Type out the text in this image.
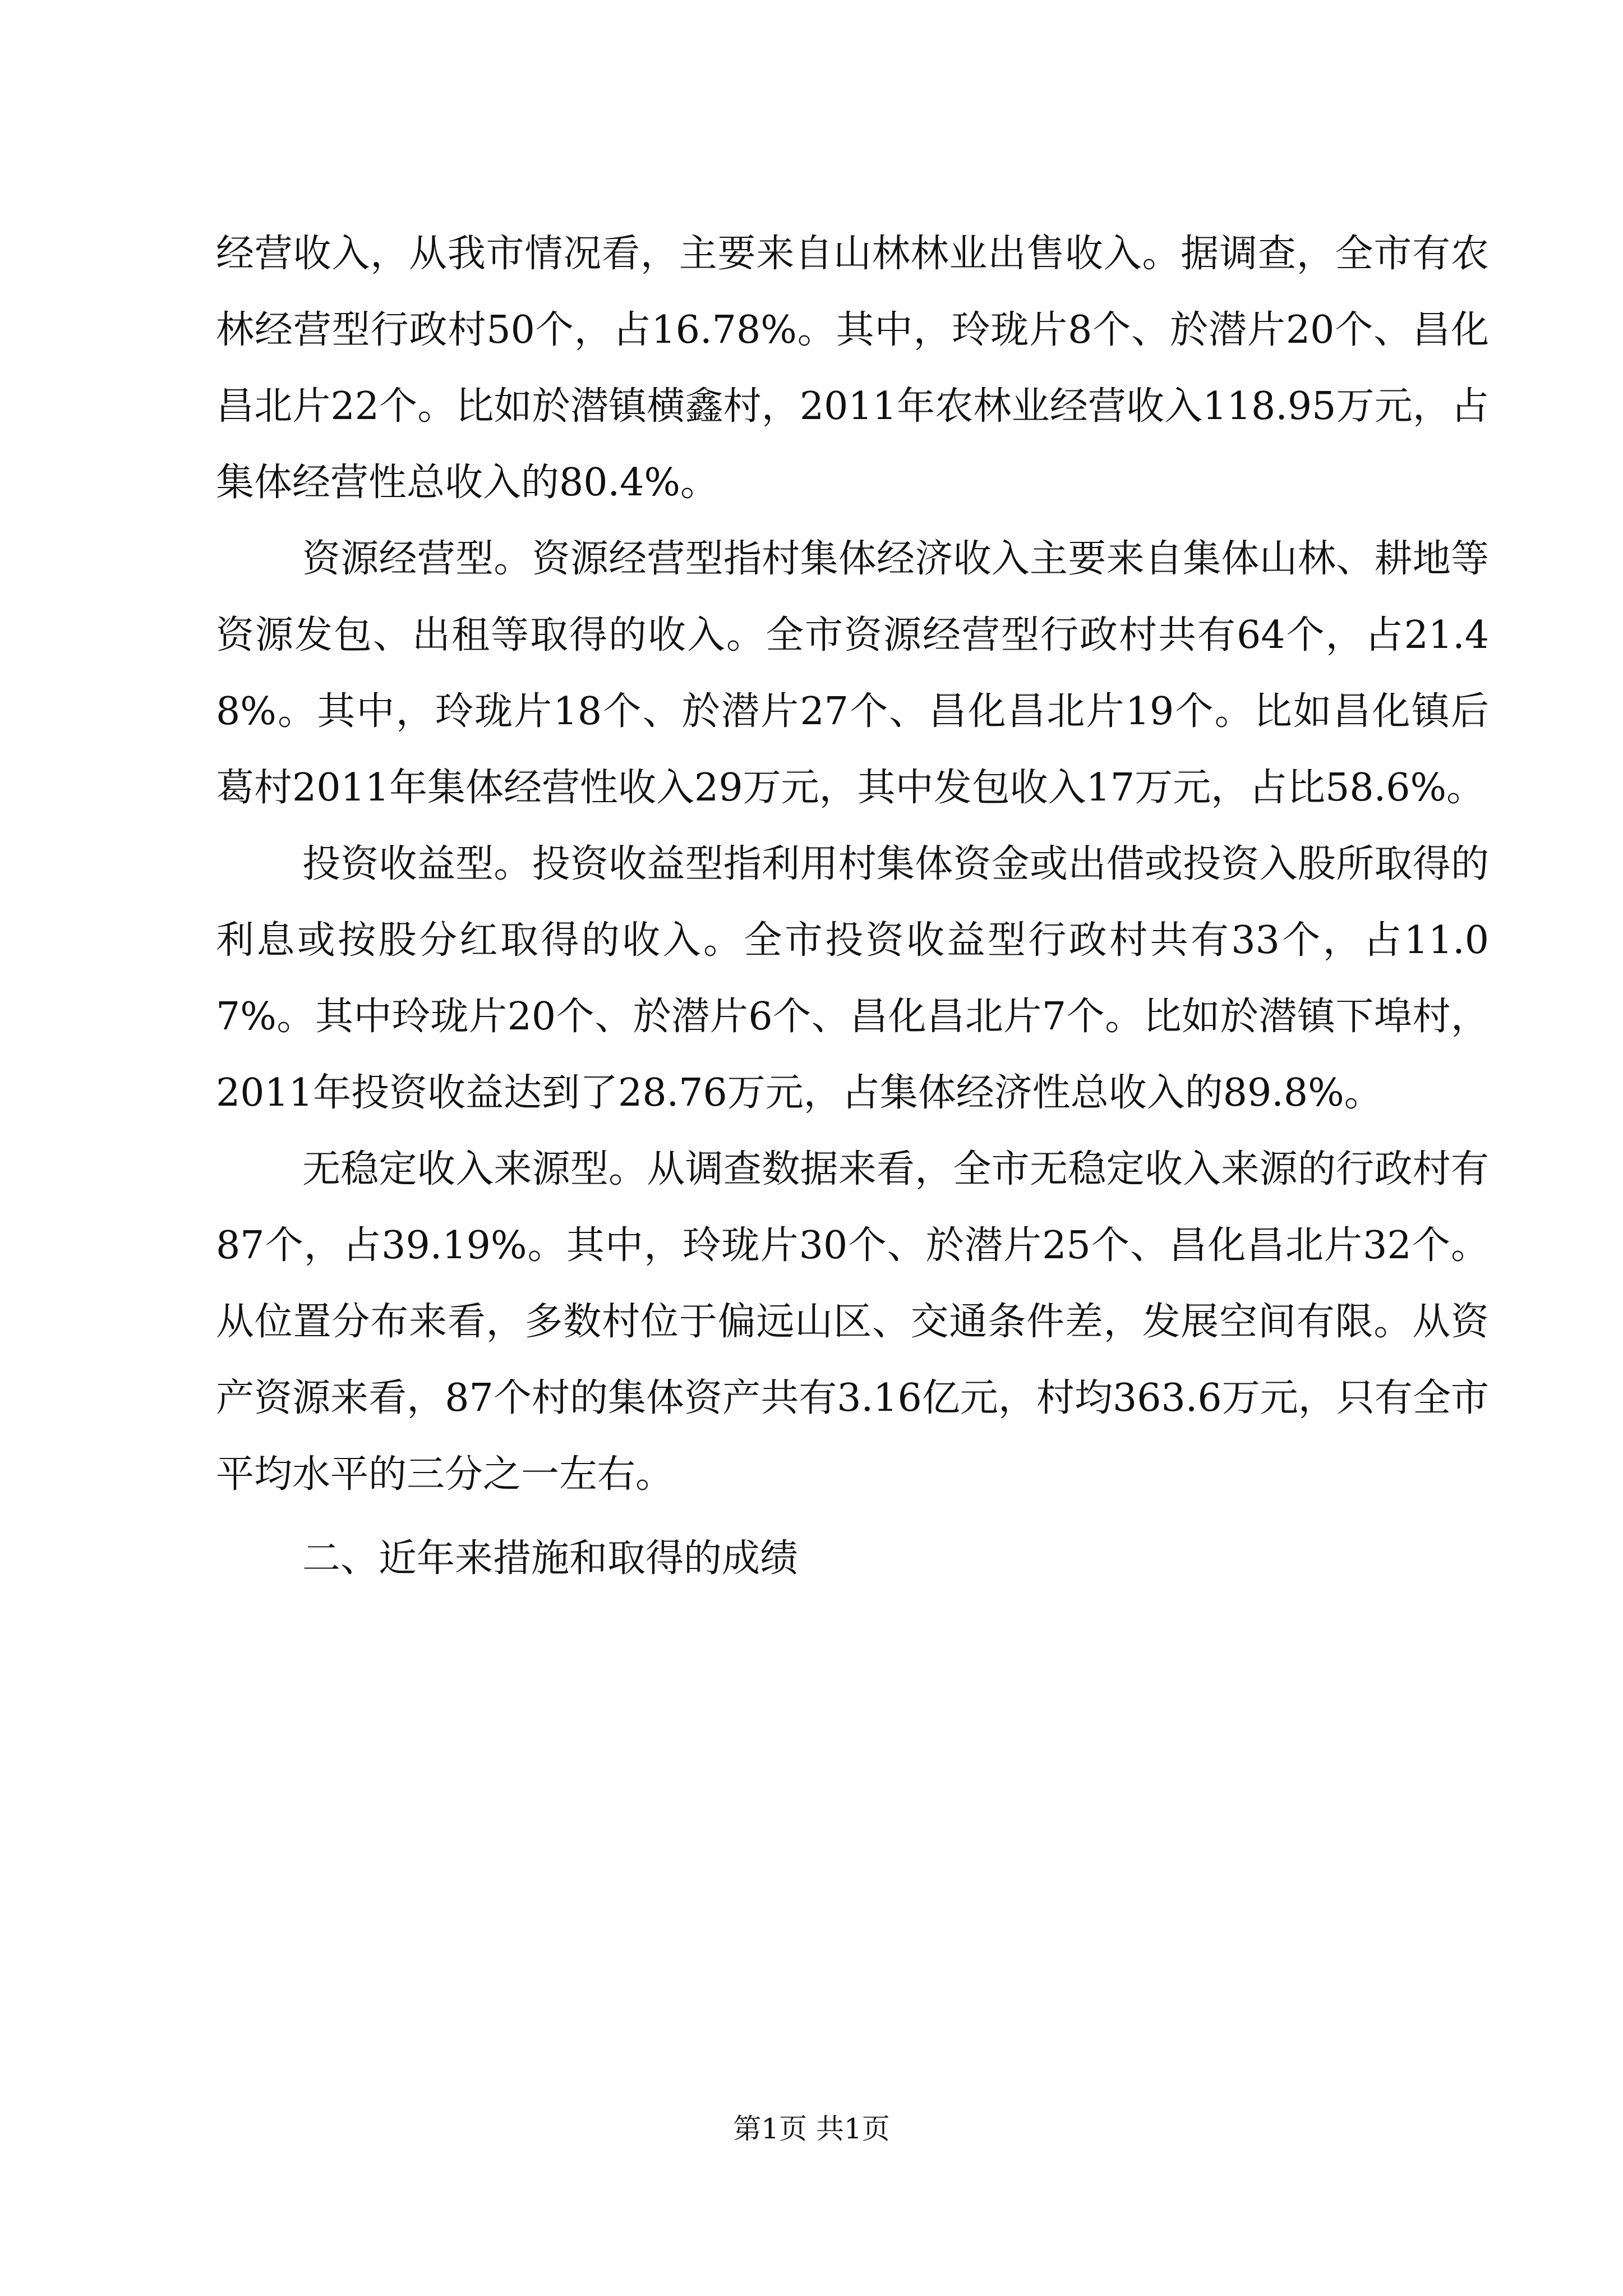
经营收入，从我市情况看，主要来自山林林业出售收入。据调查，全市有农林经营型行政村50个，占16.78%。其中，玲珑片8个、於潜片20个、昌化昌北片22个。比如於潜镇横鑫村，2011年农林业经营收入118.95万元，占集体经营性总收入的80.4%。

资源经营型。资源经营型指村集体经济收入主要来自集体山林、耕地等资源发包、出租等取得的收入。全市资源经营型行政村共有64个，占21.48%。其中，玲珑片18个、於潜片27个、昌化昌北片19个。比如昌化镇后葛村2011年集体经营性收入29万元，其中发包收入17万元，占比58.6%。

投资收益型。投资收益型指利用村集体资金或出借或投资入股所取得的利息或按股分红取得的收入。全市投资收益型行政村共有33个，占11.07%。其中玲珑片20个、於潜片6个、昌化昌北片7个。比如於潜镇下埠村，2011年投资收益达到了28.76万元，占集体经济性总收入的89.8%。

无稳定收入来源型。从调查数据来看，全市无稳定收入来源的行政村有87个，占39.19%。其中，玲珑片30个、於潜片25个、昌化昌北片32个。从位置分布来看，多数村位于偏远山区、交通条件差，发展空间有限。从资产资源来看，87个村的集体资产共有3.16亿元，村均363.6万元，只有全市平均水平的三分之一左右。

二、近年来措施和取得的成绩

第1页 共1页
